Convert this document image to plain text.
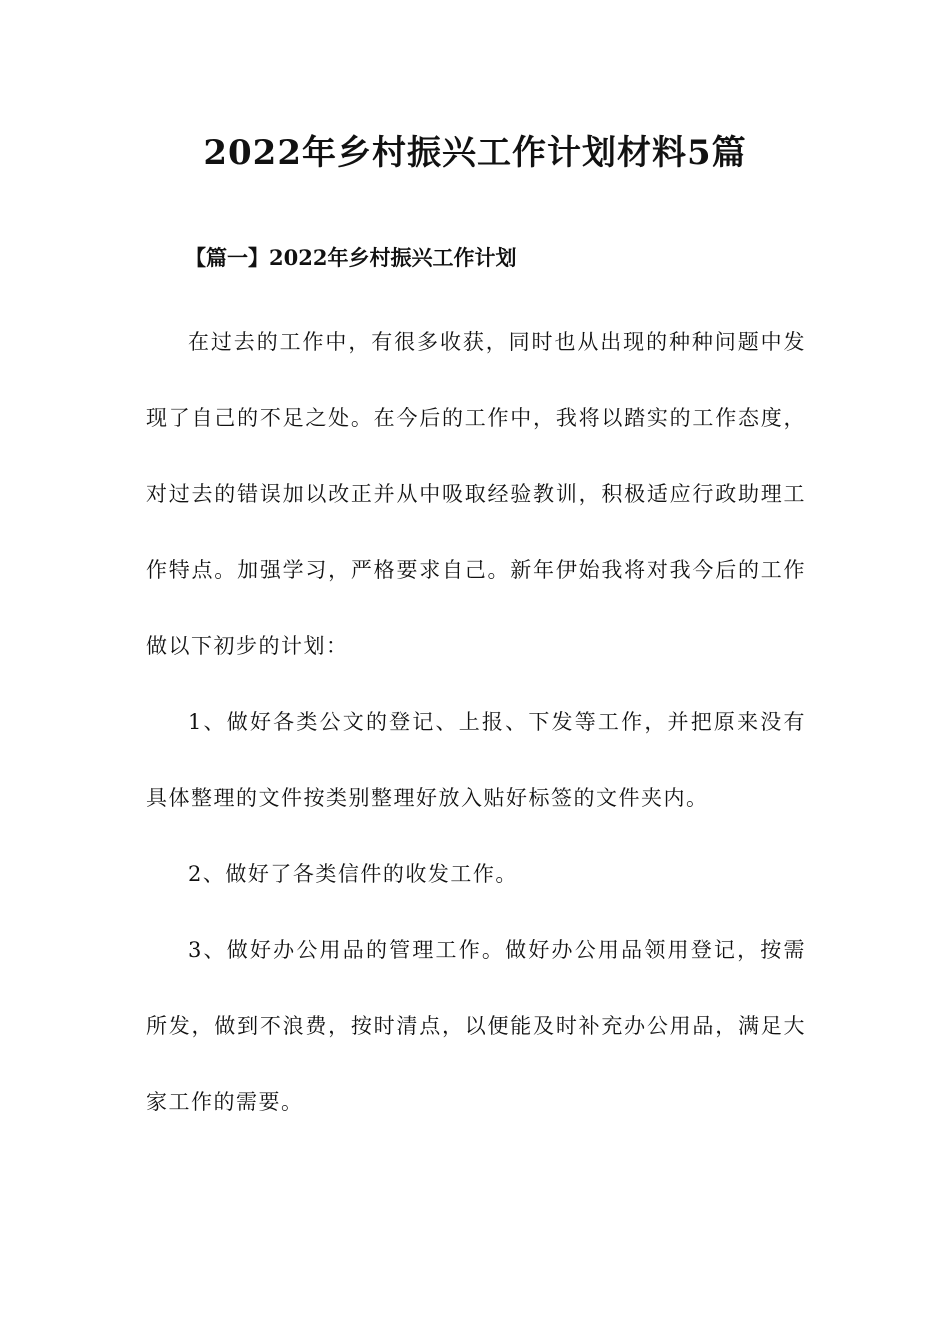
2022年乡村振兴工作计划材料5篇
【篇一】2022年乡村振兴工作计划

在过去的工作中，有很多收获，同时也从出现的种种问题中发现了自己的不足之处。在今后的工作中，我将以踏实的工作态度，对过去的错误加以改正并从中吸取经验教训，积极适应行政助理工作特点。加强学习，严格要求自己。新年伊始我将对我今后的工作做以下初步的计划：

1、做好各类公文的登记、上报、下发等工作，并把原来没有具体整理的文件按类别整理好放入贴好标签的文件夹内。

2、做好了各类信件的收发工作。

3、做好办公用品的管理工作。做好办公用品领用登记，按需所发，做到不浪费，按时清点，以便能及时补充办公用品，满足大家工作的需要。
